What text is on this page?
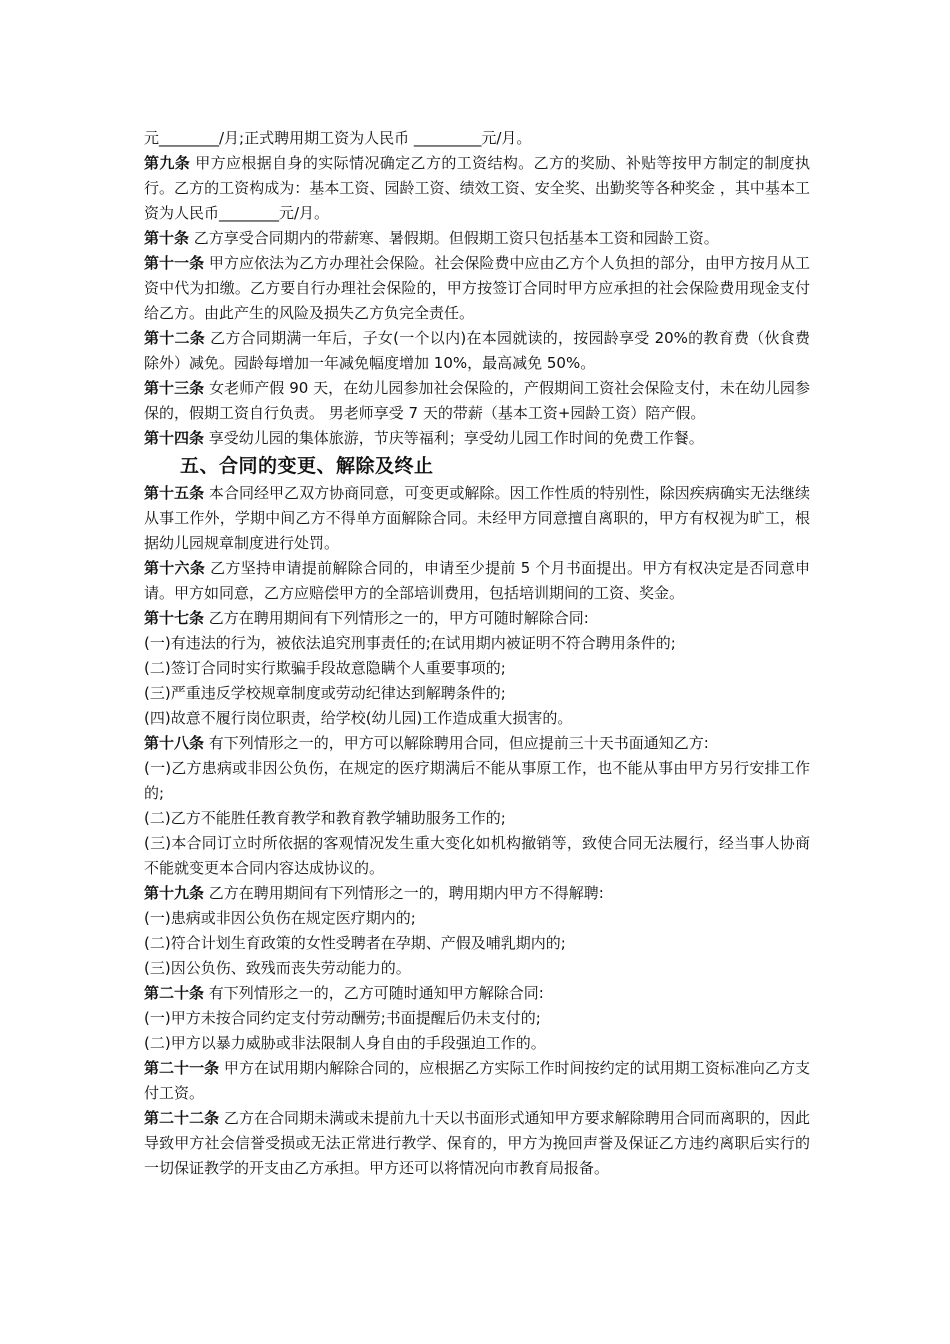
元________/月;正式聘用期工资为人民币 _________元/月。

第九条 甲方应根据自身的实际情况确定乙方的工资结构。乙方的奖励、补贴等按甲方制定的制度执行。乙方的工资构成为：基本工资、园龄工资、绩效工资、安全奖、出勤奖等各种奖金 ，其中基本工资为人民币________元/月。

第十条 乙方享受合同期内的带薪寒、暑假期。但假期工资只包括基本工资和园龄工资。

第十一条 甲方应依法为乙方办理社会保险。社会保险费中应由乙方个人负担的部分，由甲方按月从工资中代为扣缴。乙方要自行办理社会保险的，甲方按签订合同时甲方应承担的社会保险费用现金支付给乙方。由此产生的风险及损失乙方负完全责任。

第十二条 乙方合同期满一年后，子女(一个以内)在本园就读的，按园龄享受 20%的教育费（伙食费除外）减免。园龄每增加一年减免幅度增加 10%，最高减免 50%。

第十三条 女老师产假 90 天，在幼儿园参加社会保险的，产假期间工资社会保险支付，未在幼儿园参保的，假期工资自行负责。 男老师享受 7 天的带薪（基本工资+园龄工资）陪产假。

第十四条 享受幼儿园的集体旅游，节庆等福利；享受幼儿园工作时间的免费工作餐。

五、合同的变更、解除及终止

第十五条 本合同经甲乙双方协商同意，可变更或解除。因工作性质的特别性，除因疾病确实无法继续从事工作外，学期中间乙方不得单方面解除合同。未经甲方同意擅自离职的，甲方有权视为旷工，根据幼儿园规章制度进行处罚。

第十六条 乙方坚持申请提前解除合同的，申请至少提前 5 个月书面提出。甲方有权决定是否同意申请。甲方如同意，乙方应赔偿甲方的全部培训费用，包括培训期间的工资、奖金。

第十七条 乙方在聘用期间有下列情形之一的，甲方可随时解除合同:

(一)有违法的行为，被依法追究刑事责任的;在试用期内被证明不符合聘用条件的;

(二)签订合同时实行欺骗手段故意隐瞒个人重要事项的;

(三)严重违反学校规章制度或劳动纪律达到解聘条件的;

(四)故意不履行岗位职责，给学校(幼儿园)工作造成重大损害的。

第十八条 有下列情形之一的，甲方可以解除聘用合同，但应提前三十天书面通知乙方:

(一)乙方患病或非因公负伤，在规定的医疗期满后不能从事原工作，也不能从事由甲方另行安排工作的;

(二)乙方不能胜任教育教学和教育教学辅助服务工作的;

(三)本合同订立时所依据的客观情况发生重大变化如机构撤销等，致使合同无法履行，经当事人协商不能就变更本合同内容达成协议的。

第十九条 乙方在聘用期间有下列情形之一的，聘用期内甲方不得解聘:

(一)患病或非因公负伤在规定医疗期内的;

(二)符合计划生育政策的女性受聘者在孕期、产假及哺乳期内的;

(三)因公负伤、致残而丧失劳动能力的。

第二十条 有下列情形之一的，乙方可随时通知甲方解除合同:

(一)甲方未按合同约定支付劳动酬劳;书面提醒后仍未支付的;

(二)甲方以暴力威胁或非法限制人身自由的手段强迫工作的。

第二十一条 甲方在试用期内解除合同的，应根据乙方实际工作时间按约定的试用期工资标准向乙方支付工资。

第二十二条 乙方在合同期未满或未提前九十天以书面形式通知甲方要求解除聘用合同而离职的，因此导致甲方社会信誉受损或无法正常进行教学、保育的，甲方为挽回声誉及保证乙方违约离职后实行的一切保证教学的开支由乙方承担。甲方还可以将情况向市教育局报备。
